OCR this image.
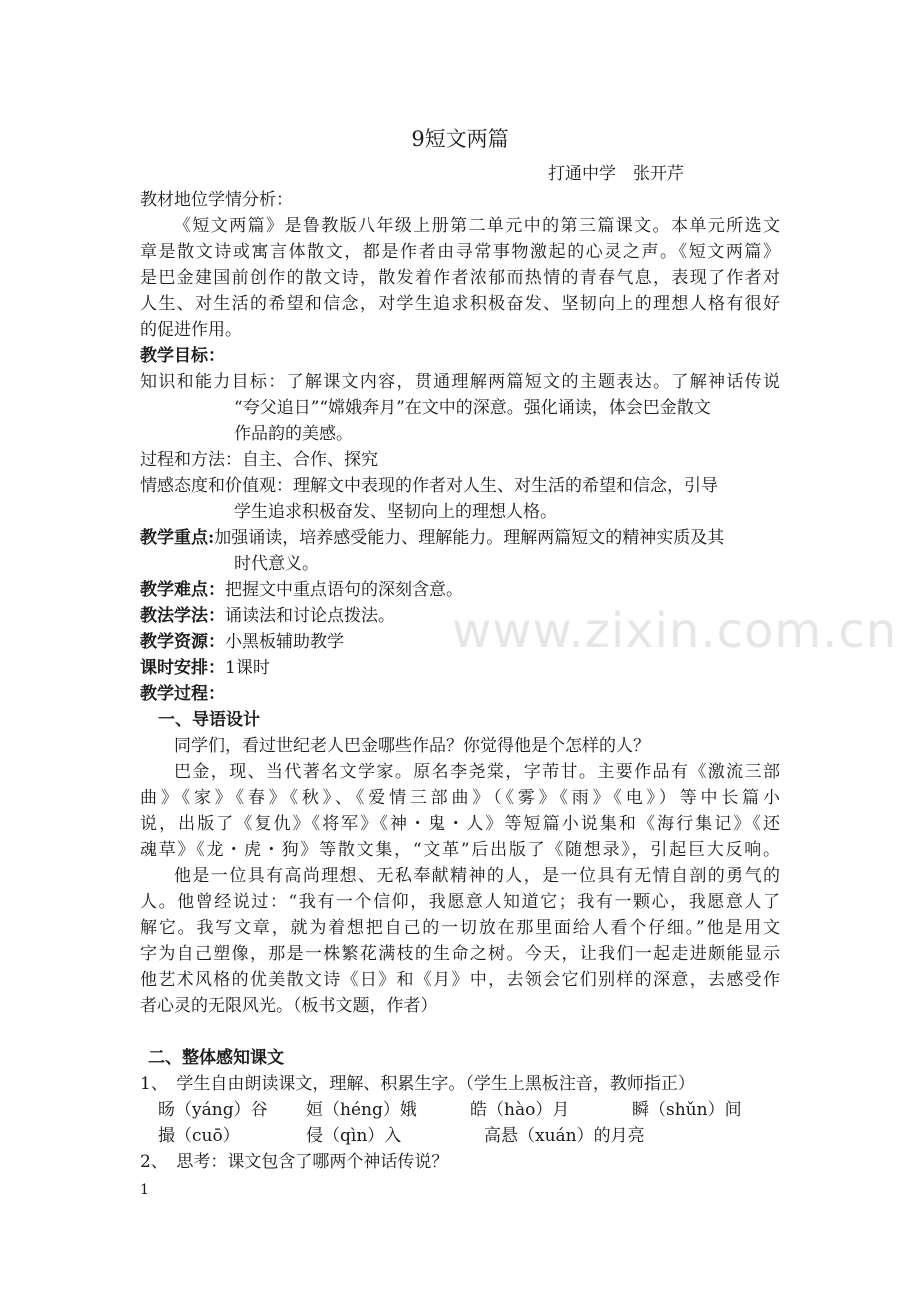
www.zixin.com.cn
9短文两篇
打通中学　张开芹
教材地位学情分析：
《短文两篇》是鲁教版八年级上册第二单元中的第三篇课文。本单元所选文
章是散文诗或寓言体散文，都是作者由寻常事物激起的心灵之声。《短文两篇》
是巴金建国前创作的散文诗，散发着作者浓郁而热情的青春气息，表现了作者对
人生、对生活的希望和信念，对学生追求积极奋发、坚韧向上的理想人格有很好
的促进作用。
教学目标：
知识和能力目标：了解课文内容，贯通理解两篇短文的主题表达。了解神话传说
“夸父追日”“嫦娥奔月”在文中的深意。强化诵读，体会巴金散文
作品韵的美感。
过程和方法：自主、合作、探究
情感态度和价值观：理解文中表现的作者对人生、对生活的希望和信念，引导
学生追求积极奋发、坚韧向上的理想人格。
教学重点:加强诵读，培养感受能力、理解能力。理解两篇短文的精神实质及其
时代意义。
教学难点：把握文中重点语句的深刻含意。
教法学法：诵读法和讨论点拨法。
教学资源：小黑板辅助教学
课时安排：1课时
教学过程：
一、导语设计
同学们，看过世纪老人巴金哪些作品？你觉得他是个怎样的人？
巴金，现、当代著名文学家。原名李尧棠，字芾甘。主要作品有《激流三部
曲》《家》《春》《秋》、《爱情三部曲》（《雾》《雨》《电》）等中长篇小
说，出版了《复仇》《将军》《神・鬼・人》等短篇小说集和《海行集记》《还
魂草》《龙・虎・狗》等散文集，“文革”后出版了《随想录》，引起巨大反响。
他是一位具有高尚理想、无私奉献精神的人，是一位具有无情自剖的勇气的
人。他曾经说过：“我有一个信仰，我愿意人知道它；我有一颗心，我愿意人了
解它。我写文章，就为着想把自己的一切放在那里面给人看个仔细。”他是用文
字为自己塑像，那是一株繁花满枝的生命之树。今天，让我们一起走进颇能显示
他艺术风格的优美散文诗《日》和《月》中，去领会它们别样的深意，去感受作
者心灵的无限风光。（板书文题，作者）
二、整体感知课文
1、　学生自由朗读课文，理解、积累生字。（学生上黑板注音，教师指正）
旸（yáng）谷 姮（héng）娥	皓（hào）月	瞬（shǔn）间
撮（cuō）	侵（qìn）入	高悬（xuán）的月亮
2、　思考：课文包含了哪两个神话传说？
1
